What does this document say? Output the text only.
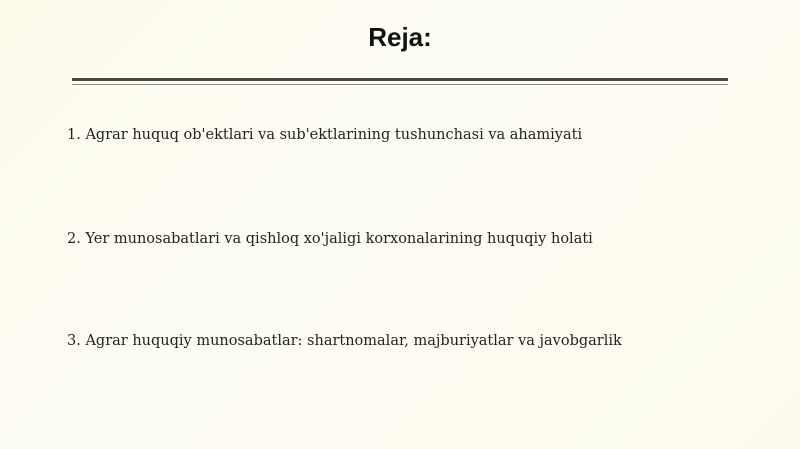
Reja:
1. Agrar huquq ob'ektlari va sub'ektlarining tushunchasi va ahamiyati
2. Yer munosabatlari va qishloq xo'jaligi korxonalarining huquqiy holati
3. Agrar huquqiy munosabatlar: shartnomalar, majburiyatlar va javobgarlik
